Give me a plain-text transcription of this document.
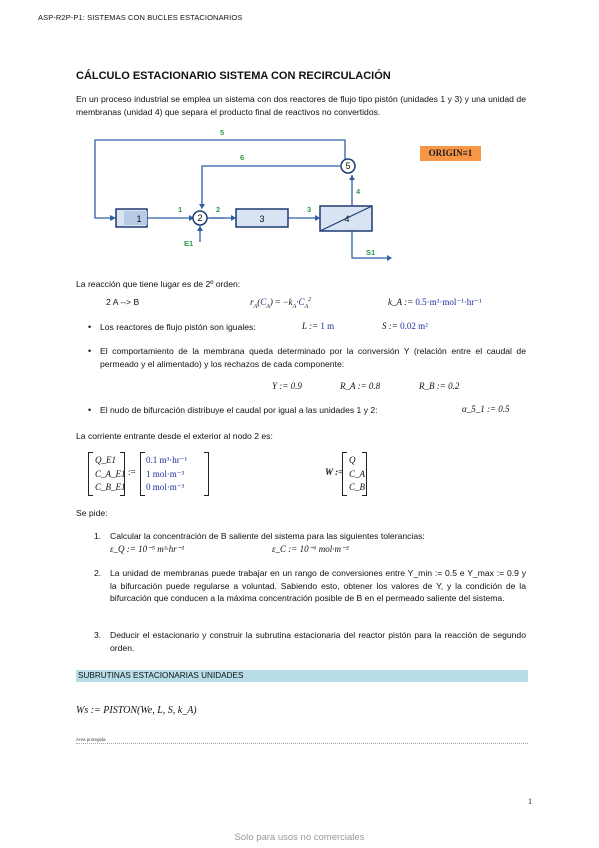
ASP-R2P-P1: SISTEMAS CON BUCLES ESTACIONARIOS
CÁLCULO ESTACIONARIO SISTEMA CON RECIRCULACIÓN
En un proceso industrial se emplea un sistema con dos reactores de flujo tipo pistón (unidades 1 y 3) y una unidad de membranas (unidad 4) que separa el producto final de reactivos no convertidos.
1	2	3	4
5
5
6
1	2	3
4
E1
S1
ORIGIN≡1
La reacción que tiene lugar es de 2º orden:
2 A --> B	$r_A(C_A) = -k_A\cdot C_A^2$	k_A := 0.5·m³·mol⁻¹·hr⁻¹
• Los reactores de flujo pistón son iguales:	L := 1 m	S := 0.02 m²
• El comportamiento de la membrana queda determinado por la conversión Y (relación entre el caudal de permeado y el alimentado) y los rechazos de cada componente:
Y := 0.9	R_A := 0.8	R_B := 0.2
• El nudo de bifurcación distribuye el caudal por igual a las unidades 1 y 2:	α_5_1 := 0.5
La corriente entrante desde el exterior al nodo 2 es:
Q_E1
C_A_E1
C_B_E1
:=
0.1 m³·hr⁻¹
1 mol·m⁻³
0 mol·m⁻³
W :=
Q
C_A
C_B
Se pide:
1. Calcular la concentración de B saliente del sistema para las siguientes tolerancias:
ε_Q := 10⁻⁵ m³·hr⁻¹	ε_C := 10⁻⁶ mol·m⁻³
2. La unidad de membranas puede trabajar en un rango de conversiones entre Y_min := 0.5 e Y_max := 0.9 y la bifurcación puede regularse a voluntad. Sabiendo esto, obtener los valores de Y, y la condición de la bifurcación que conducen a la máxima concentración posible de B en el permeado saliente del sistema.
3. Deducir el estacionario y construir la subrutina estacionaria del reactor pistón para la reacción de segundo orden.
SUBRUTINAS ESTACIONARIAS UNIDADES
Ws := PISTON(We, L, S, k_A)
Área protegida
1
Solo para usos no comerciales
